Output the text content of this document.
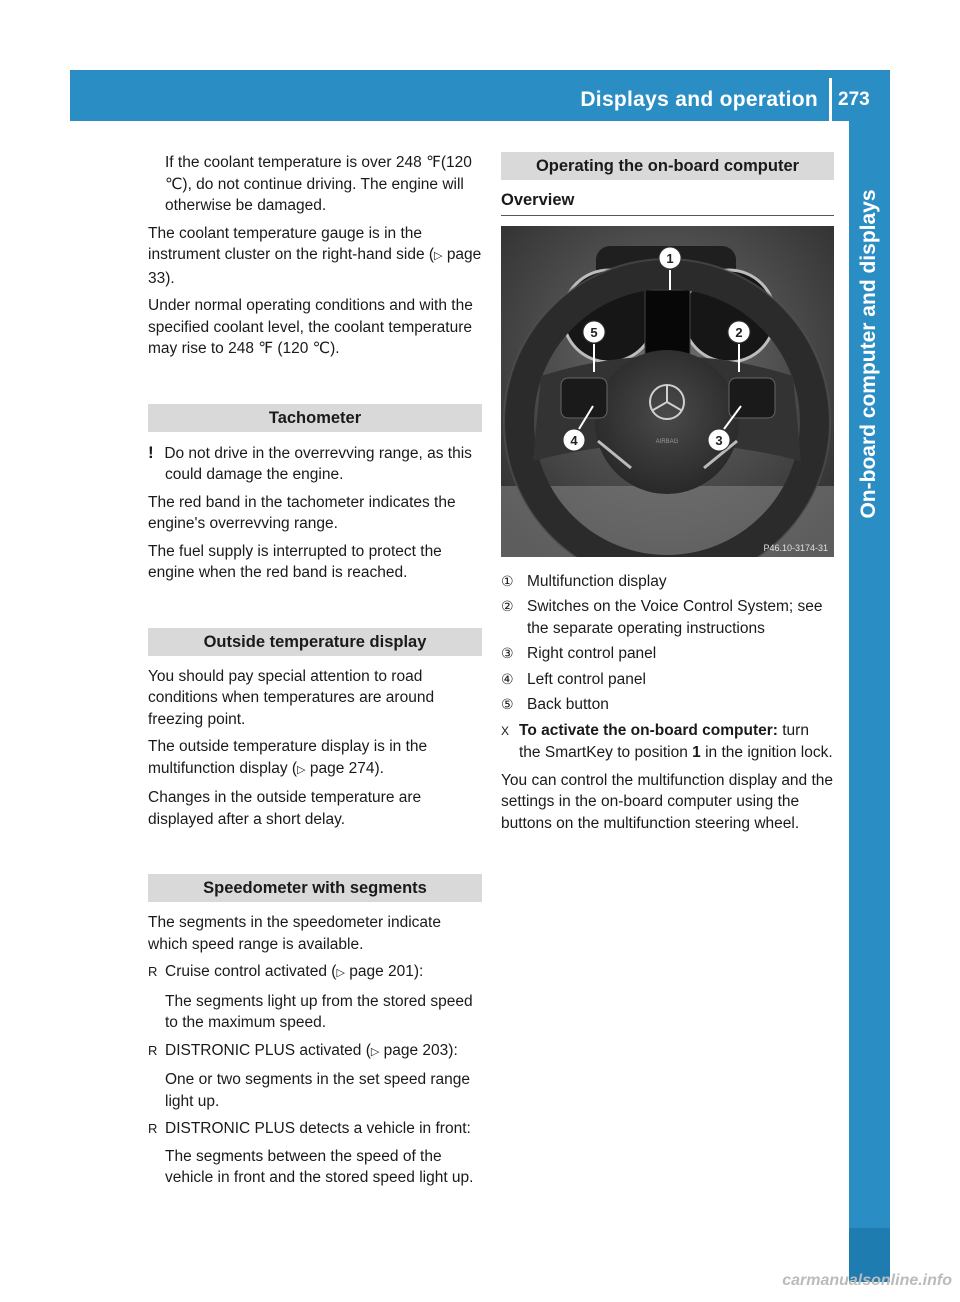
Displays and operation 273
On-board computer and displays

If the coolant temperature is over 248 ℉(120 ℃), do not continue driving. The engine will otherwise be damaged.

The coolant temperature gauge is in the instrument cluster on the right-hand side (▷ page 33).

Under normal operating conditions and with the specified coolant level, the coolant temperature may rise to 248 ℉ (120 ℃).

Tachometer

! Do not drive in the overrevving range, as this could damage the engine.

The red band in the tachometer indicates the engine's overrevving range.

The fuel supply is interrupted to protect the engine when the red band is reached.

Outside temperature display

You should pay special attention to road conditions when temperatures are around freezing point.

The outside temperature display is in the multifunction display (▷ page 274).

Changes in the outside temperature are displayed after a short delay.

Speedometer with segments

The segments in the speedometer indicate which speed range is available.

R Cruise control activated (▷ page 201):

The segments light up from the stored speed to the maximum speed.

R DISTRONIC PLUS activated (▷ page 203):

One or two segments in the set speed range light up.

R DISTRONIC PLUS detects a vehicle in front:

The segments between the speed of the vehicle in front and the stored speed light up.

Operating the on-board computer
Overview
AIRBAG
1
2
3
4
5
P46.10-3174-31

① Multifunction display

② Switches on the Voice Control System; see the separate operating instructions

③ Right control panel

④ Left control panel

⑤ Back button

X To activate the on-board computer: turn the SmartKey to position 1 in the ignition lock.

You can control the multifunction display and the settings in the on-board computer using the buttons on the multifunction steering wheel.

carmanualsonline.info
